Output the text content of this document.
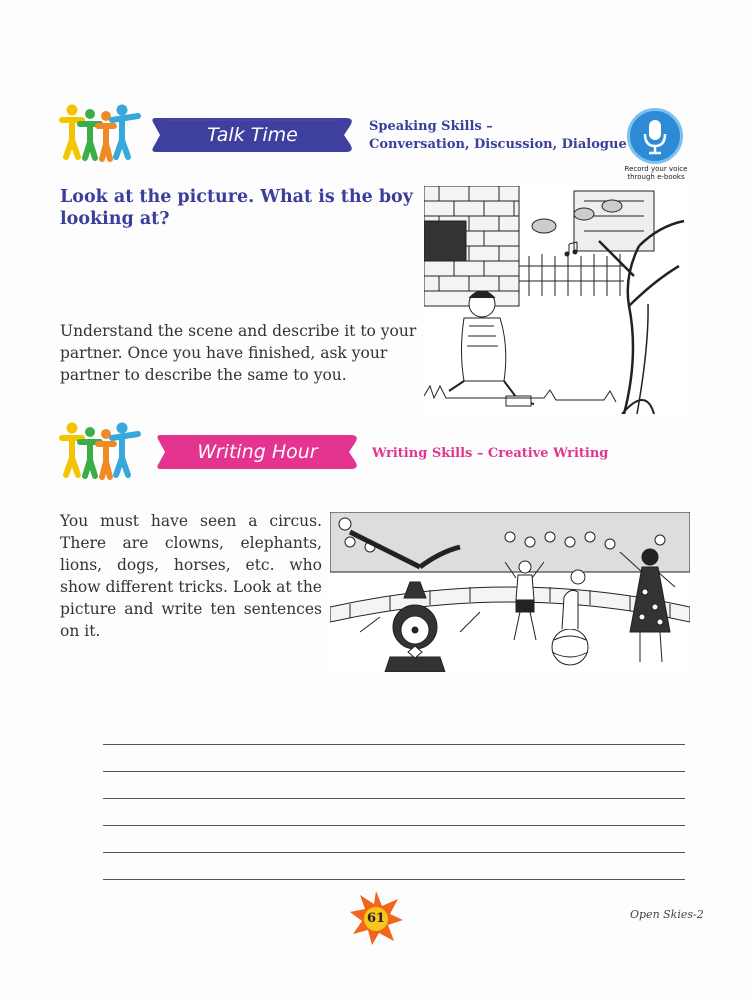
Talk Time	Speaking Skills –
Conversation, Discussion, Dialogue
Record your voice
through e-books
Look at the picture. What is the boy looking at?
Understand the scene and describe it to your partner. Once you have finished, ask your partner to describe the same to you.
Writing Hour	Writing Skills – Creative Writing
You must have seen a circus. There are clowns, elephants, lions, dogs, horses, etc. who show different tricks. Look at the picture and write ten sentences on it.
61	Open Skies-2
